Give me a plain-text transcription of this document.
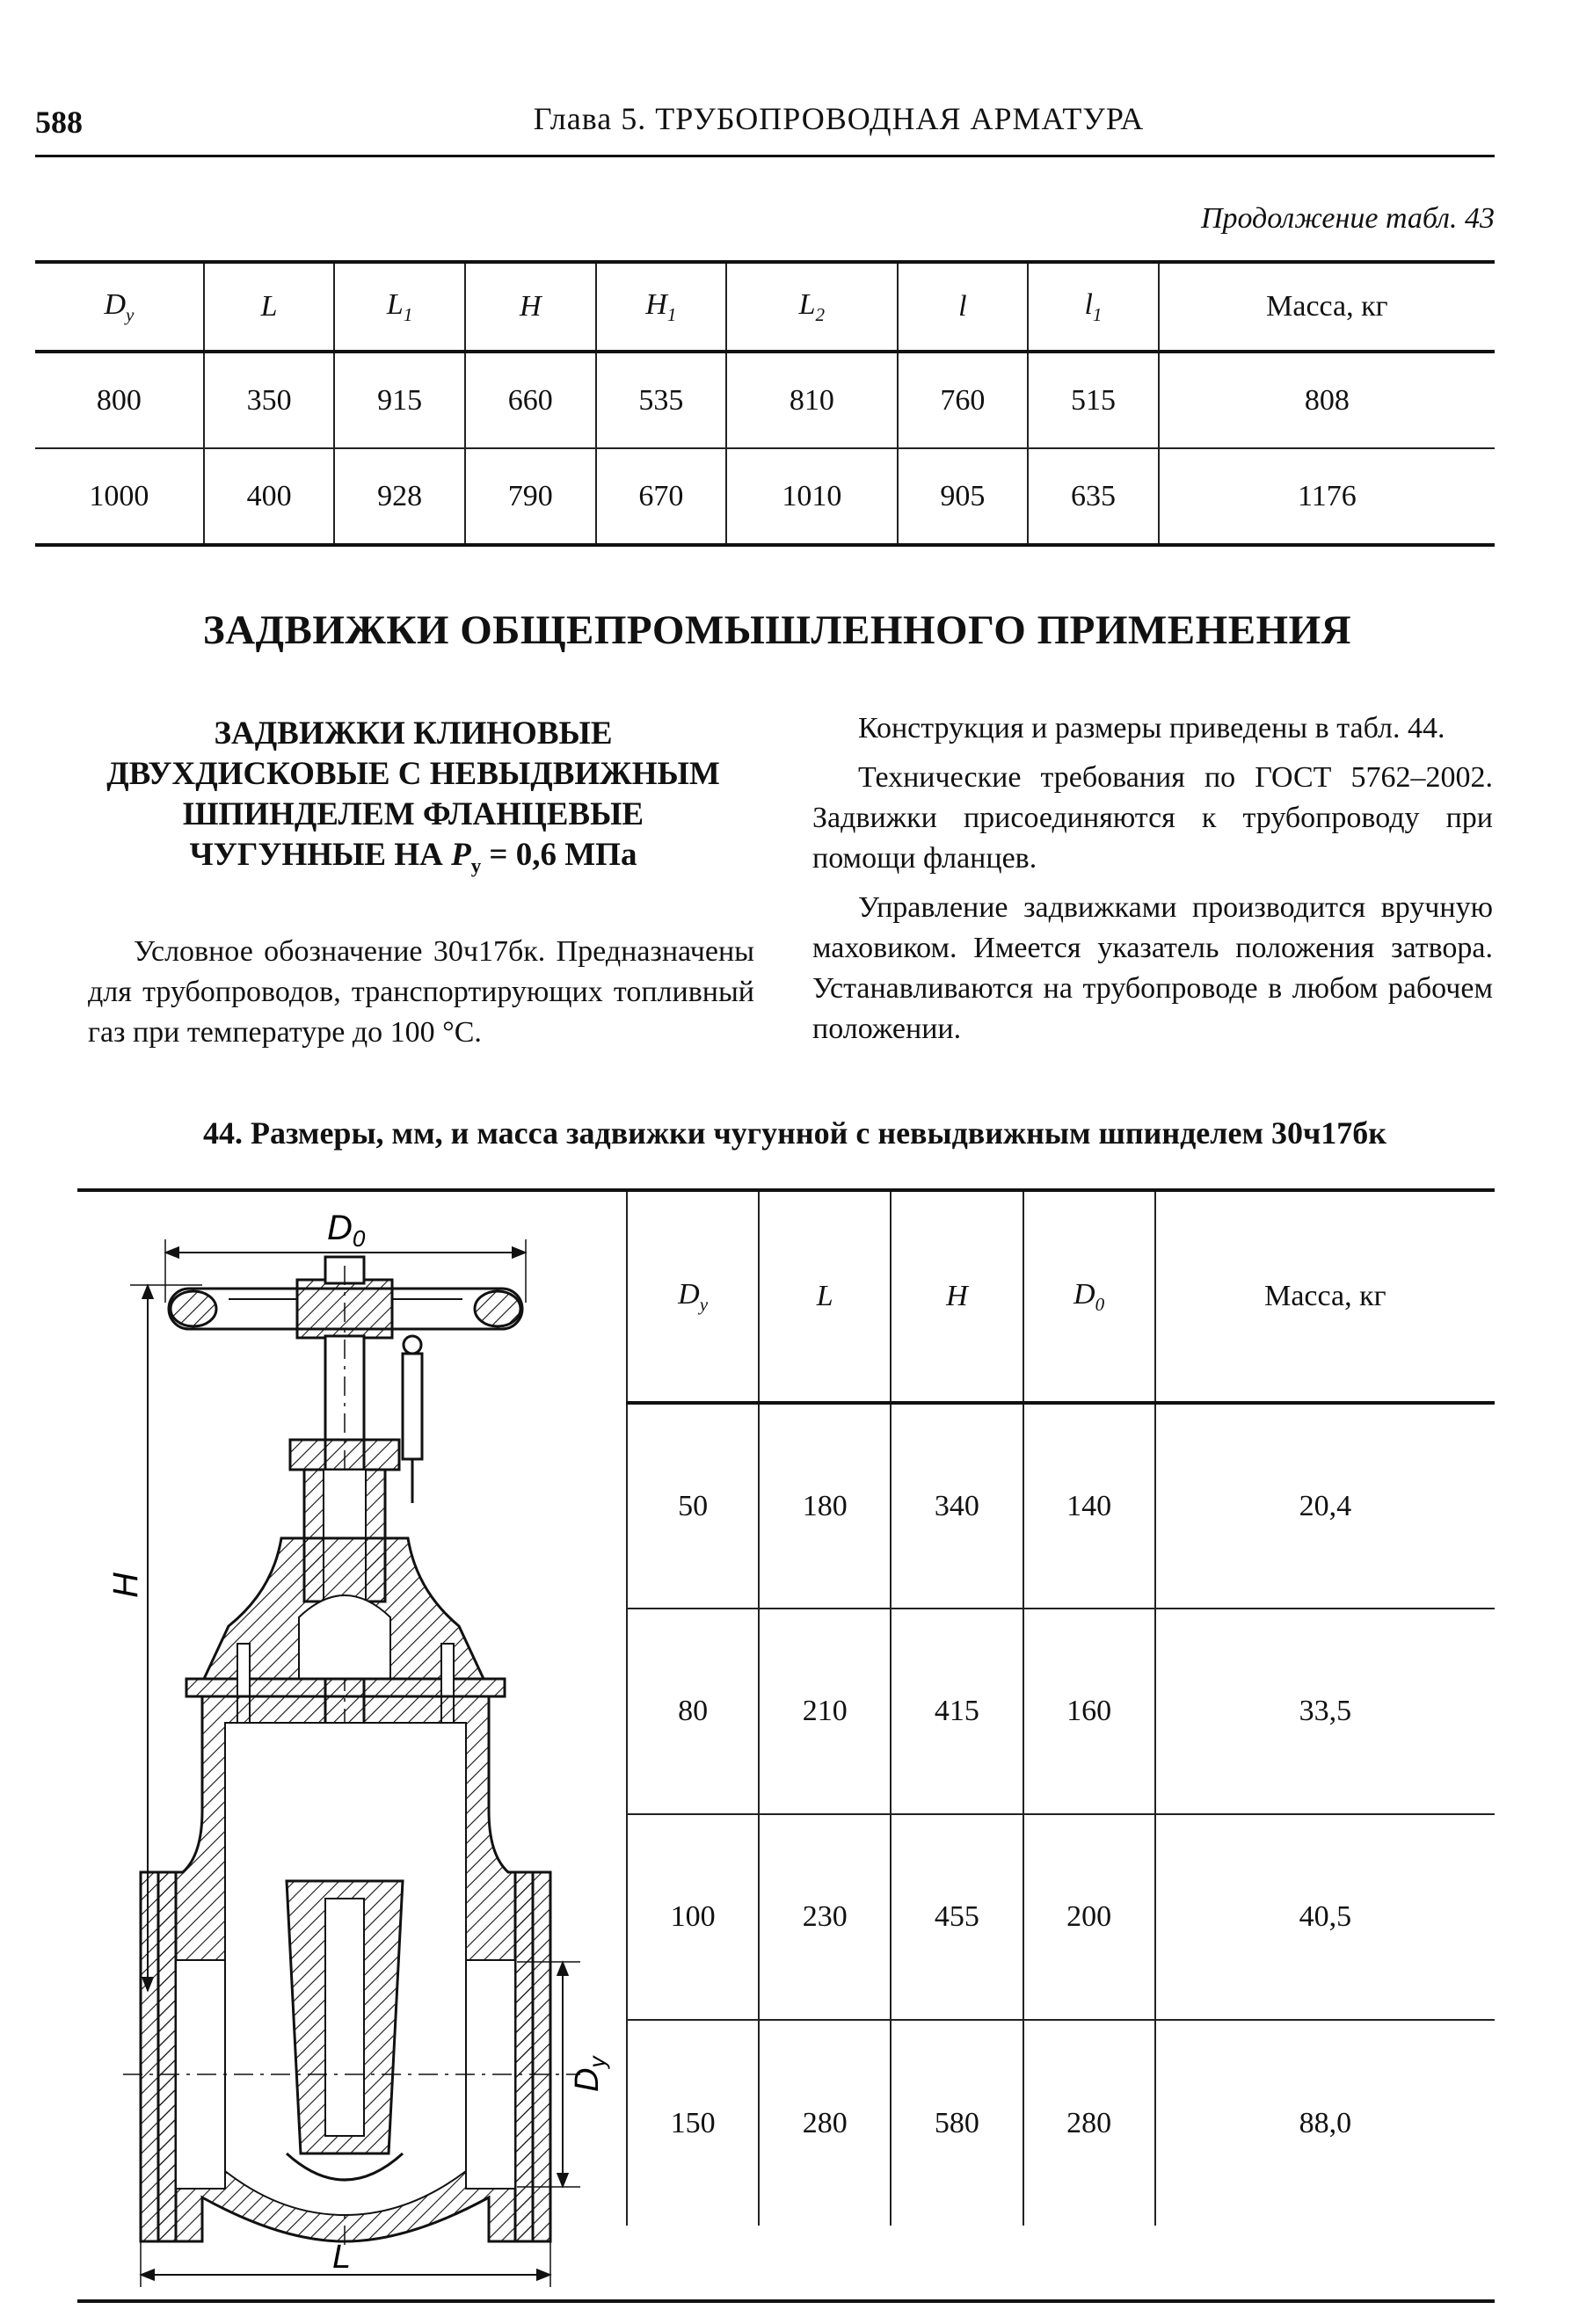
588	Глава 5. ТРУБОПРОВОДНАЯ АРМАТУРА
Продолжение табл. 43
$D_у$	L	$L_1$	H	$H_1$	$L_2$	l	$l_1$	Масса, кг
800	350	915	660	535	810	760	515	808
1000	400	928	790	670	1010	905	635	1176
ЗАДВИЖКИ ОБЩЕПРОМЫШЛЕННОГО ПРИМЕНЕНИЯ
ЗАДВИЖКИ КЛИНОВЫЕ
ДВУХДИСКОВЫЕ С НЕВЫДВИЖНЫМ
ШПИНДЕЛЕМ ФЛАНЦЕВЫЕ
ЧУГУННЫЕ НА $P_у = 0,6$ МПа
Условное обозначение 30ч17бк. Предназначены для трубопроводов, транспортирующих топливный газ при температуре до 100 °С.

Конструкция и размеры приведены в табл. 44.

Технические требования по ГОСТ 5762–2002. Задвижки присоединяются к трубопроводу при помощи фланцев.

Управление задвижками производится вручную маховиком. Имеется указатель положения затвора. Устанавливаются на трубопроводе в любом рабочем положении.

44. Размеры, мм, и масса задвижки чугунной с невыдвижным шпинделем 30ч17бк
$D_0$
H
$D_у$
L
$D_у$	L	H	$D_0$	Масса, кг
50	180	340	140	20,4
80	210	415	160	33,5
100	230	455	200	40,5
150	280	580	280	88,0
